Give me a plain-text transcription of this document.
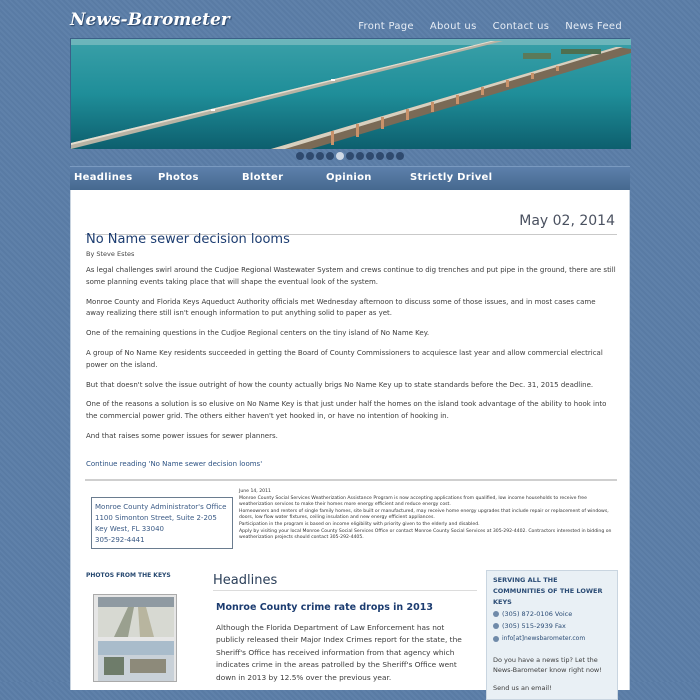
News-Barometer	Front Page About us Contact us News Feed
Headlines	Photos	Blotter	Opinion	Strictly Drivel
May 02, 2014
No Name sewer decision looms
By Steve Estes

As legal challenges swirl around the Cudjoe Regional Wastewater System and crews continue to dig trenches and put pipe in the ground, there are still some planning events taking place that will shape the eventual look of the system.

Monroe County and Florida Keys Aqueduct Authority officials met Wednesday afternoon to discuss some of those issues, and in most cases came away realizing there still isn't enough information to put anything solid to paper as yet.

One of the remaining questions in the Cudjoe Regional centers on the tiny island of No Name Key.

A group of No Name Key residents succeeded in getting the Board of County Commissioners to acquiesce last year and allow commercial electrical power on the island.

But that doesn't solve the issue outright of how the county actually brigs No Name Key up to state standards before the Dec. 31, 2015 deadline.

One of the reasons a solution is so elusive on No Name Key is that just under half the homes on the island took advantage of the ability to hook into the commercial power grid. The others either haven't yet hooked in, or have no intention of hooking in.

And that raises some power issues for sewer planners.

Continue reading 'No Name sewer decision looms'
Monroe County Administrator's Office
1100 Simonton Street, Suite 2-205
Key West, FL 33040
305-292-4441

June 14, 2011

Monroe County Social Services Weatherization Assistance Program is now accepting applications from qualified, low income households to receive free weatherization services to make their homes more energy efficient and reduce energy cost.

Homeowners and renters of single family homes, site built or manufactured, may receive home energy upgrades that include repair or replacement of windows, doors, low flow water fixtures, ceiling insulation and new energy efficient appliances.

Participation in the program is based on income eligibility with priority given to the elderly and disabled.

Apply by visiting your local Monroe County Social Services Office or contact Monroe County Social Services at 305-292-4402. Contractors interested in bidding on weatherization projects should contact 305-292-4405.

PHOTOS FROM THE KEYS	Headlines
Monroe County crime rate drops in 2013
Although the Florida Department of Law Enforcement has not publicly released their Major Index Crimes report for the state, the Sheriff's Office has received information from that agency which indicates crime in the areas patrolled by the Sheriff's Office went down in 2013 by 12.5% over the previous year.
SERVING ALL THE COMMUNITIES OF THE LOWER KEYS
(305) 872-0106 Voice
(305) 515-2939 Fax
info[at]newsbarometer.com
Do you have a news tip? Let the News-Barometer know right now!
Send us an email!
